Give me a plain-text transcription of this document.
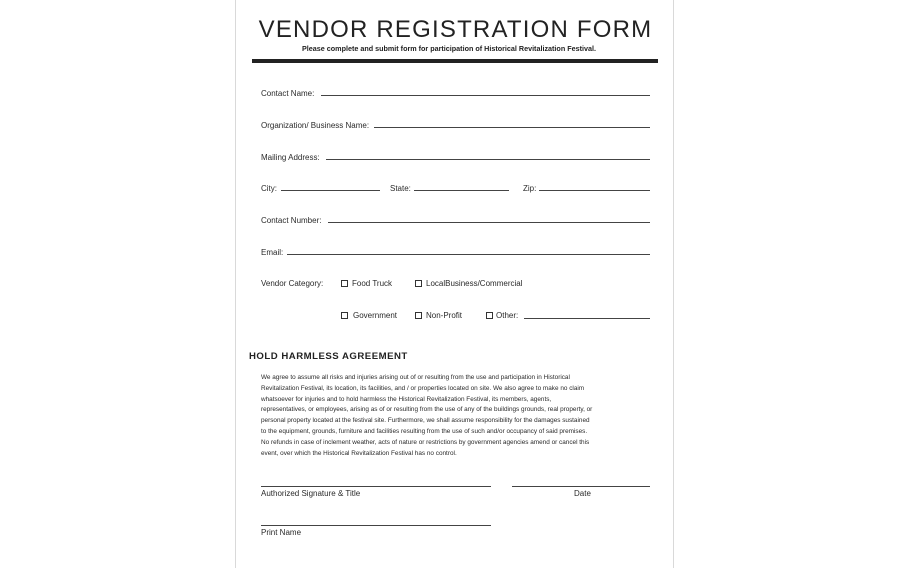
VENDOR REGISTRATION FORM
Please complete and submit form for participation of Historical Revitalization Festival.
Contact Name:
Organization/ Business Name:
Mailing Address:
City:	State:	Zip:
Contact Number:
Email:
Vendor Category:	Food Truck	LocalBusiness/Commercial
Government	Non-Profit	Other:
HOLD HARMLESS AGREEMENT
We agree to assume all risks and injuries arising out of or resulting from the use and participation in Historical
Revitalization Festival, its location, its facilities, and / or properties located on site. We also agree to make no claim
whatsoever for injuries and to hold harmless the Historical Revitalization Festival, its members, agents,
representatives, or employees, arising as of or resulting from the use of any of the buildings grounds, real property, or
personal property located at the festival site. Furthermore, we shall assume responsibility for the damages sustained
to the equipment, grounds, furniture and facilities resulting from the use of such and/or occupancy of said premises.
No refunds in case of inclement weather, acts of nature or restrictions by government agencies amend or cancel this
event, over which the Historical Revitalization Festival has no control.
Authorized Signature & Title	Date
Print Name
